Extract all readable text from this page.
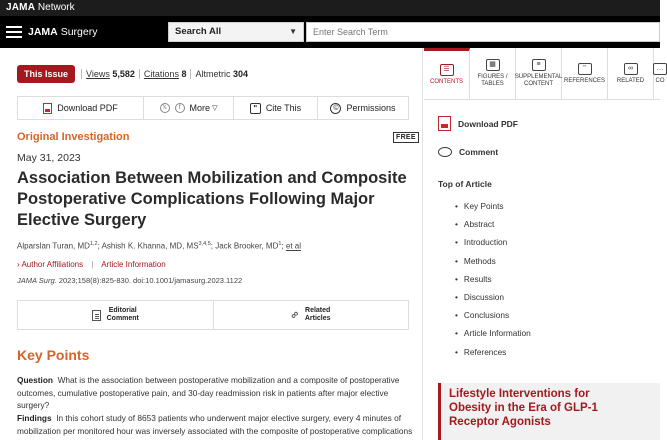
JAMA Network
JAMA Surgery	Search All	▼
Enter Search Term
This Issue	Views 5,582	Citations 8	Altmetric 304
Download PDF	𝕏	f	More ▽	" Cite This	© Permissions
Original Investigation	FREE
May 31, 2023
Association Between Mobilization and Composite Postoperative Complications Following Major Elective Surgery
Alparslan Turan, MD$^{1,2}$; Ashish K. Khanna, MD, MS$^{3,4,5}$; Jack Brooker, $MD^1$; et al
› Author Affiliations | Article Information
JAMA Surg. 2023;158(8):825-830. doi:10.1001/jamasurg.2023.1122
Editorial
Comment	∞ Related
Articles
Key Points

Question What is the association between postoperative mobilization and a composite of postoperative outcomes, cumulative postoperative pain, and 30-day readmission risk in patients after major elective surgery?

Findings In this cohort study of 8653 patients who underwent major elective surgery, every 4 minutes of mobilization per monitored hour was inversely associated with the composite of postoperative complications

☰
CONTENTS
▦
FIGURES / TABLES
≡
SUPPLEMENTAL CONTENT
"
REFERENCES
∞
RELATED
…
CO
Download PDF
Comment
Top of Article
• Key Points
• Abstract
• Introduction
• Methods
• Results
• Discussion
• Conclusions
• Article Information
• References
Lifestyle Interventions for Obesity in the Era of GLP-1 Receptor Agonists
